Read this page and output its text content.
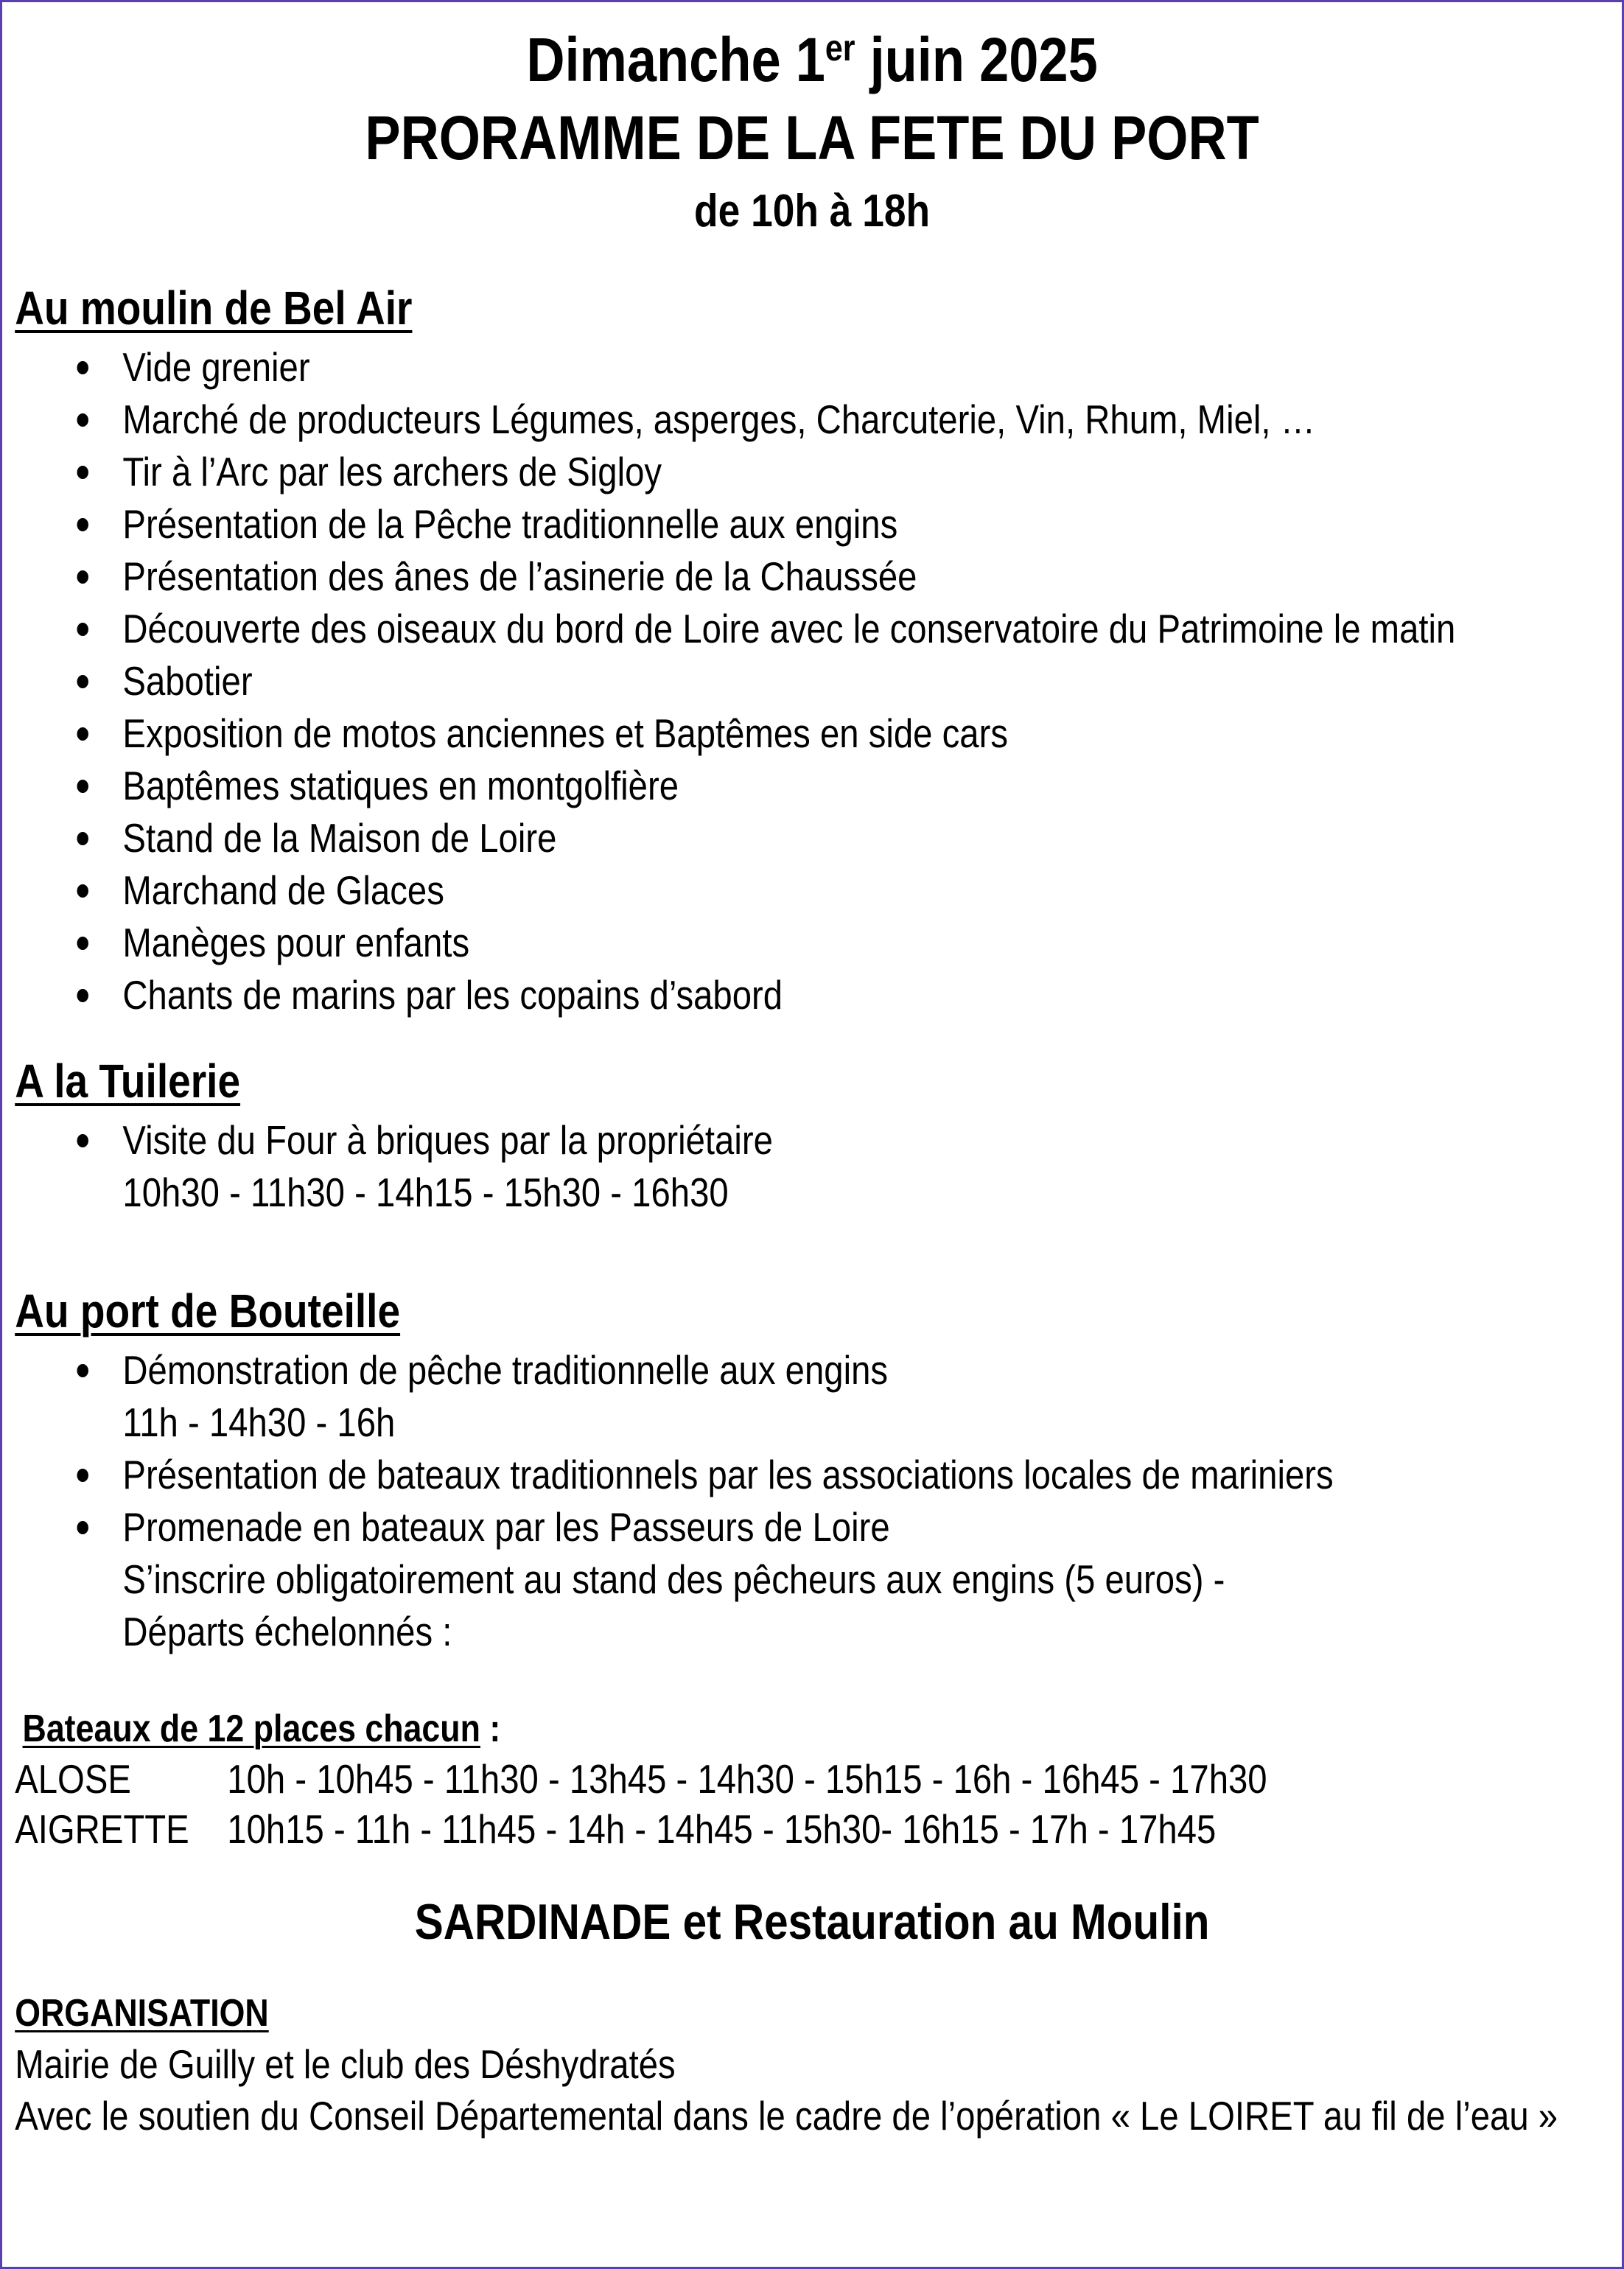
Dimanche 1er juin 2025
PRORAMME DE LA FETE DU PORT
de 10h à 18h
Au moulin de Bel Air
Vide grenier
Marché de producteurs Légumes, asperges, Charcuterie, Vin, Rhum, Miel, …
Tir à l’Arc par les archers de Sigloy
Présentation de la Pêche traditionnelle aux engins
Présentation des ânes de l’asinerie de la Chaussée
Découverte des oiseaux du bord de Loire avec le conservatoire du Patrimoine le matin
Sabotier
Exposition de motos anciennes et Baptêmes en side cars
Baptêmes statiques en montgolfière
Stand de la Maison de Loire
Marchand de Glaces
Manèges pour enfants
Chants de marins par les copains d’sabord
A la Tuilerie
Visite du Four à briques par la propriétaire
10h30 - 11h30 - 14h15 - 15h30 - 16h30
Au port de Bouteille
Démonstration de pêche traditionnelle aux engins
11h - 14h30 - 16h
Présentation de bateaux traditionnels par les associations locales de mariniers
Promenade en bateaux par les Passeurs de Loire
S’inscrire obligatoirement au stand des pêcheurs aux engins (5 euros) -
Départs échelonnés :
Bateaux de 12 places chacun :
ALOSE	10h - 10h45 - 11h30 - 13h45 - 14h30 - 15h15 - 16h - 16h45 - 17h30
AIGRETTE 10h15 - 11h - 11h45 - 14h - 14h45 - 15h30- 16h15 - 17h - 17h45
SARDINADE et Restauration au Moulin
ORGANISATION
Mairie de Guilly et le club des Déshydratés
Avec le soutien du Conseil Départemental dans le cadre de l’opération « Le LOIRET au fil de l’eau »
